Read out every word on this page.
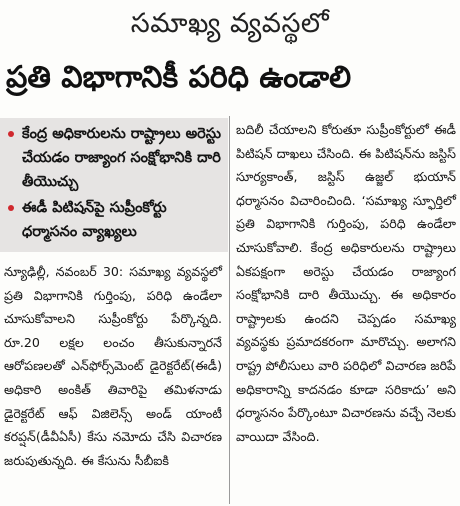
సమాఖ్య వ్యవస్థలో
ప్రతి విభాగానికీ పరిధి ఉండాలి
కేంద్ర అధికారులను రాష్ట్రాలు అరెస్టు చేయడం రాజ్యాంగ సంక్షోభానికి దారి తీయొచ్చు
ఈడీ పిటిషన్‌పై సుప్రీంకోర్టు ధర్మాసనం వ్యాఖ్యలు

న్యూఢిల్లీ, నవంబర్ 30: సమాఖ్య వ్యవస్థలో ప్రతి విభాగానికి గుర్తింపు, పరిధి ఉండేలా చూసుకోవాలని సుప్రీంకోర్టు పేర్కొన్నది. రూ.20 లక్షల లంచం తీసుకున్నారనే ఆరోపణలతో ఎన్‌ఫోర్స్‌మెంట్ డైరెక్టరేట్(ఈడీ) అధికారి అంకిత్ తివారిపై తమిళనాడు డైరెక్టరేట్ ఆఫ్ విజిలెన్స్ అండ్ యాంటీ కరప్షన్(డీవీఏసీ) కేసు నమోదు చేసి విచారణ జరుపుతున్నది. ఈ కేసును సీబీఐకి

బదిలీ చేయాలని కోరుతూ సుప్రీంకోర్టులో ఈడీ పిటిషన్ దాఖలు చేసింది. ఈ పిటిషన్‌ను జస్టిస్ సూర్యకాంత్, జస్టిస్ ఉజ్జల్ భుయాన్ ధర్మాసనం విచారించింది. ‘సమాఖ్య స్ఫూర్తిలో ప్రతి విభాగానికి గుర్తింపు, పరిధి ఉండేలా చూసుకోవాలి. కేంద్ర అధికారులను రాష్ట్రాలు ఏకపక్షంగా అరెస్టు చేయడం రాజ్యాంగ సంక్షోభానికి దారి తీయొచ్చు. ఈ అధికారం రాష్ట్రాలకు ఉందని చెప్పడం సమాఖ్య వ్యవస్థకు ప్రమాదకరంగా మారొచ్చు. అలాగని రాష్ట్ర పోలీసులు వారి పరిధిలో విచారణ జరిపే అధికారాన్ని కాదనడం కూడా సరికాదు’ అని ధర్మాసనం పేర్కొంటూ విచారణను వచ్చే నెలకు వాయిదా వేసింది.
